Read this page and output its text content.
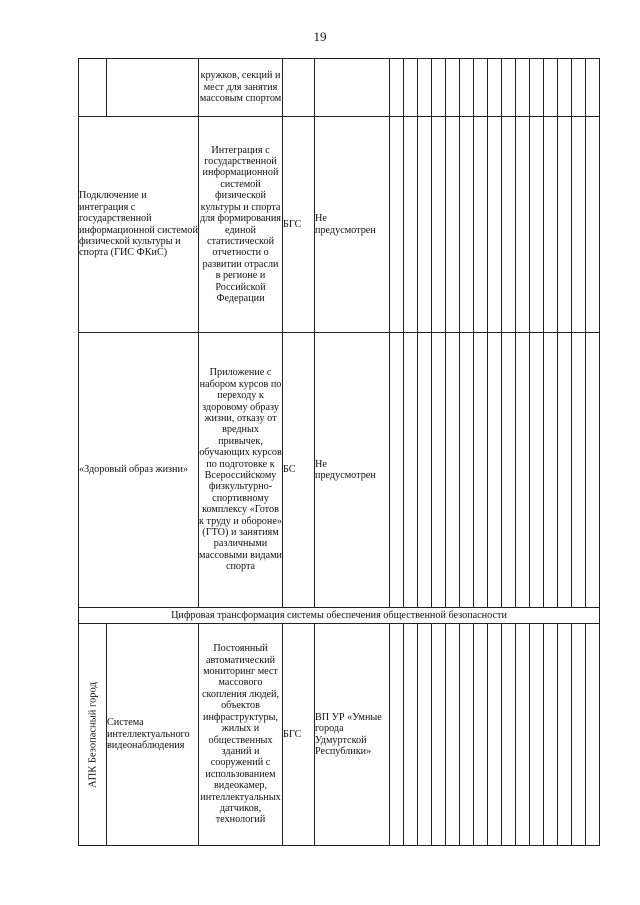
19
		кружков, секций и мест для занятия массовым спортом																	
Подключение и интеграция с государственной информационной системой физической культуры и спорта (ГИС ФКиС)		Интеграция с государственной информационной системой физической культуры и спорта для формирования единой статистической отчетности о развитии отрасли в регионе и Российской Федерации	БГС	Не предусмотрен															
«Здоровый образ жизни»		Приложение с набором курсов по переходу к здоровому образу жизни, отказу от вредных привычек, обучающих курсов по подготовке к Всероссийскому физкультурно-спортивному комплексу «Готов к труду и обороне» (ГТО) и занятиям различными массовыми видами спорта	БС	Не предусмотрен															
Цифровая трансформация системы обеспечения общественной безопасности																			

АПК Безопасный город	Система интеллектуального видеонаблюдения	Постоянный автоматический мониторинг мест массового скопления людей, объектов инфраструктуры, жилых и общественных зданий и сооружений с использованием видеокамер, интеллектуальных датчиков, технологий	БГС	ВП УР «Умные города Удмуртской Республики»															
